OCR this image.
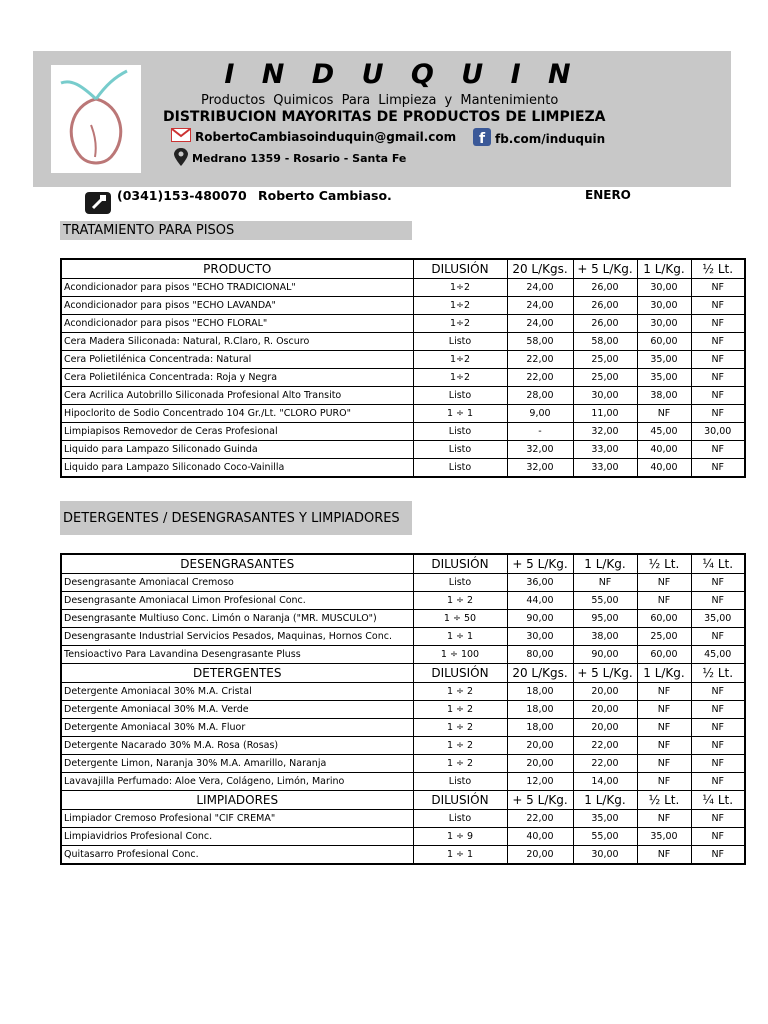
I N D U Q U I N
Productos Quimicos Para Limpieza y Mantenimiento
DISTRIBUCION MAYORITAS DE PRODUCTOS DE LIMPIEZA
RobertoCambiasoinduquin@gmail.com f fb.com/induquin
Medrano 1359 - Rosario - Santa Fe
(0341)153-480070 Roberto Cambiaso.	ENERO
TRATAMIENTO PARA PISOS
PRODUCTO	DILUSIÓN	20 L/Kgs.	+ 5 L/Kg.	1 L/Kg.	½ Lt.
Acondicionador para pisos "ECHO TRADICIONAL"	1÷2	24,00	26,00	30,00	NF
Acondicionador para pisos "ECHO LAVANDA"	1÷2	24,00	26,00	30,00	NF
Acondicionador para pisos "ECHO FLORAL"	1÷2	24,00	26,00	30,00	NF
Cera Madera Siliconada: Natural, R.Claro, R. Oscuro	Listo	58,00	58,00	60,00	NF
Cera Polietilénica Concentrada: Natural	1÷2	22,00	25,00	35,00	NF
Cera Polietilénica Concentrada: Roja y Negra	1÷2	22,00	25,00	35,00	NF
Cera Acrilica Autobrillo Siliconada Profesional Alto Transito	Listo	28,00	30,00	38,00	NF
Hipoclorito de Sodio Concentrado 104 Gr./Lt. "CLORO PURO"	1 ÷ 1	9,00	11,00	NF	NF
Limpiapisos Removedor de Ceras Profesional	Listo	-	32,00	45,00	30,00
Liquido para Lampazo Siliconado Guinda	Listo	32,00	33,00	40,00	NF
Liquido para Lampazo Siliconado Coco-Vainilla	Listo	32,00	33,00	40,00	NF
DETERGENTES / DESENGRASANTES Y LIMPIADORES
DESENGRASANTES	DILUSIÓN	+ 5 L/Kg.	1 L/Kg.	½ Lt.	¼ Lt.
Desengrasante Amoniacal Cremoso	Listo	36,00	NF	NF	NF
Desengrasante Amoniacal Limon Profesional Conc.	1 ÷ 2	44,00	55,00	NF	NF
Desengrasante Multiuso Conc. Limón o Naranja ("MR. MUSCULO")	1 ÷ 50	90,00	95,00	60,00	35,00
Desengrasante Industrial Servicios Pesados, Maquinas, Hornos Conc.	1 ÷ 1	30,00	38,00	25,00	NF
Tensioactivo Para Lavandina Desengrasante Pluss	1 ÷ 100	80,00	90,00	60,00	45,00
DETERGENTES	DILUSIÓN	20 L/Kgs.	+ 5 L/Kg.	1 L/Kg.	½ Lt.
Detergente Amoniacal 30% M.A. Cristal	1 ÷ 2	18,00	20,00	NF	NF
Detergente Amoniacal 30% M.A. Verde	1 ÷ 2	18,00	20,00	NF	NF
Detergente Amoniacal 30% M.A. Fluor	1 ÷ 2	18,00	20,00	NF	NF
Detergente Nacarado 30% M.A. Rosa (Rosas)	1 ÷ 2	20,00	22,00	NF	NF
Detergente Limon, Naranja 30% M.A. Amarillo, Naranja	1 ÷ 2	20,00	22,00	NF	NF
Lavavajilla Perfumado: Aloe Vera, Colágeno, Limón, Marino	Listo	12,00	14,00	NF	NF
LIMPIADORES	DILUSIÓN	+ 5 L/Kg.	1 L/Kg.	½ Lt.	¼ Lt.
Limpiador Cremoso Profesional "CIF CREMA"	Listo	22,00	35,00	NF	NF
Limpiavidrios Profesional Conc.	1 ÷ 9	40,00	55,00	35,00	NF
Quitasarro Profesional Conc.	1 ÷ 1	20,00	30,00	NF	NF
